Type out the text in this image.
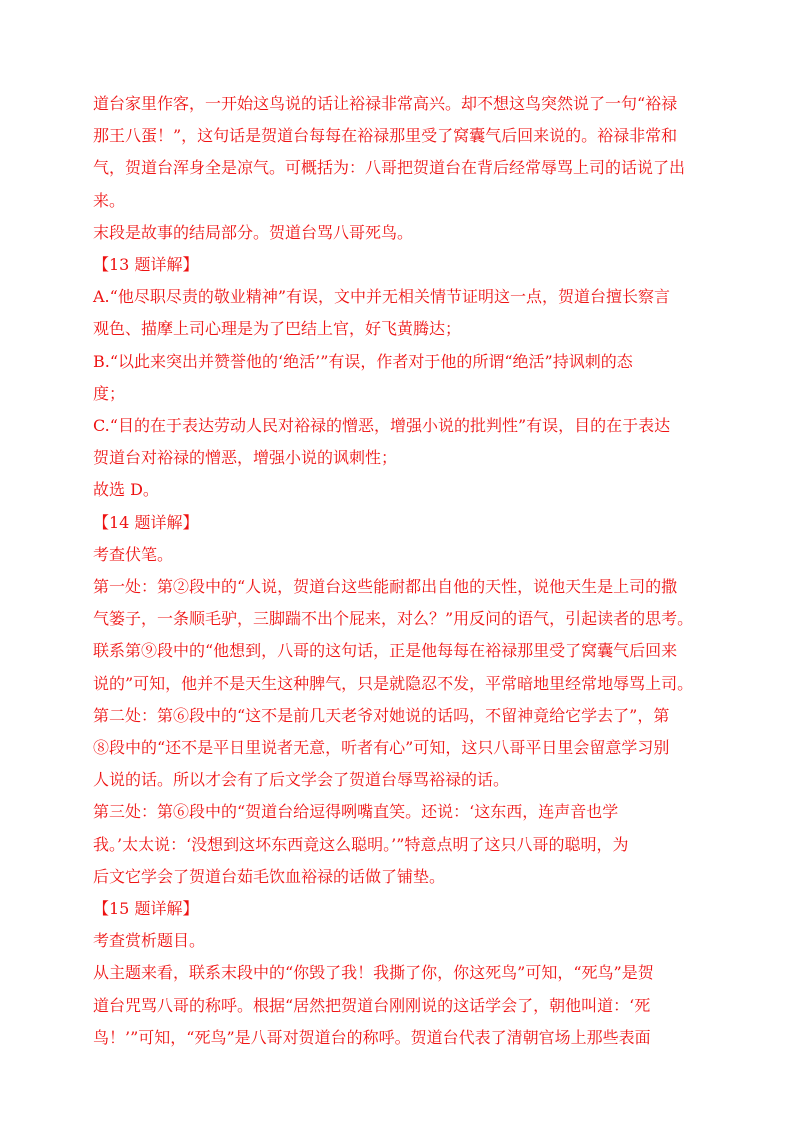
道台家里作客，一开始这鸟说的话让裕禄非常高兴。却不想这鸟突然说了一句“裕禄

那王八蛋！”，这句话是贺道台每每在裕禄那里受了窝囊气后回来说的。裕禄非常和

气，贺道台浑身全是凉气。可概括为：八哥把贺道台在背后经常辱骂上司的话说了出

来。

末段是故事的结局部分。贺道台骂八哥死鸟。

【13 题详解】

A.“他尽职尽责的敬业精神”有误，文中并无相关情节证明这一点，贺道台擅长察言

观色、描摩上司心理是为了巴结上官，好飞黄腾达；

B.“以此来突出并赞誉他的‘绝活’”有误，作者对于他的所谓“绝活”持讽刺的态

度；

C.“目的在于表达劳动人民对裕禄的憎恶，增强小说的批判性”有误，目的在于表达

贺道台对裕禄的憎恶，增强小说的讽刺性；

故选 D。

【14 题详解】

考查伏笔。

第一处：第②段中的“人说，贺道台这些能耐都出自他的天性，说他天生是上司的撒

气篓子，一条顺毛驴，三脚踹不出个屁来，对么？”用反问的语气，引起读者的思考。

联系第⑨段中的“他想到，八哥的这句话，正是他每每在裕禄那里受了窝囊气后回来

说的”可知，他并不是天生这种脾气，只是就隐忍不发，平常暗地里经常地辱骂上司。

第二处：第⑥段中的“这不是前几天老爷对她说的话吗，不留神竟给它学去了”，第

⑧段中的“还不是平日里说者无意，听者有心”可知，这只八哥平日里会留意学习别

人说的话。所以才会有了后文学会了贺道台辱骂裕禄的话。

第三处：第⑥段中的“贺道台给逗得咧嘴直笑。还说：‘这东西，连声音也学

我。’太太说：‘没想到这坏东西竟这么聪明。’”特意点明了这只八哥的聪明，为

后文它学会了贺道台茹毛饮血裕禄的话做了铺垫。

【15 题详解】

考查赏析题目。

从主题来看，联系末段中的“你毁了我！我撕了你，你这死鸟”可知，“死鸟”是贺

道台咒骂八哥的称呼。根据“居然把贺道台刚刚说的这话学会了，朝他叫道：‘死

鸟！’”可知，“死鸟”是八哥对贺道台的称呼。贺道台代表了清朝官场上那些表面
